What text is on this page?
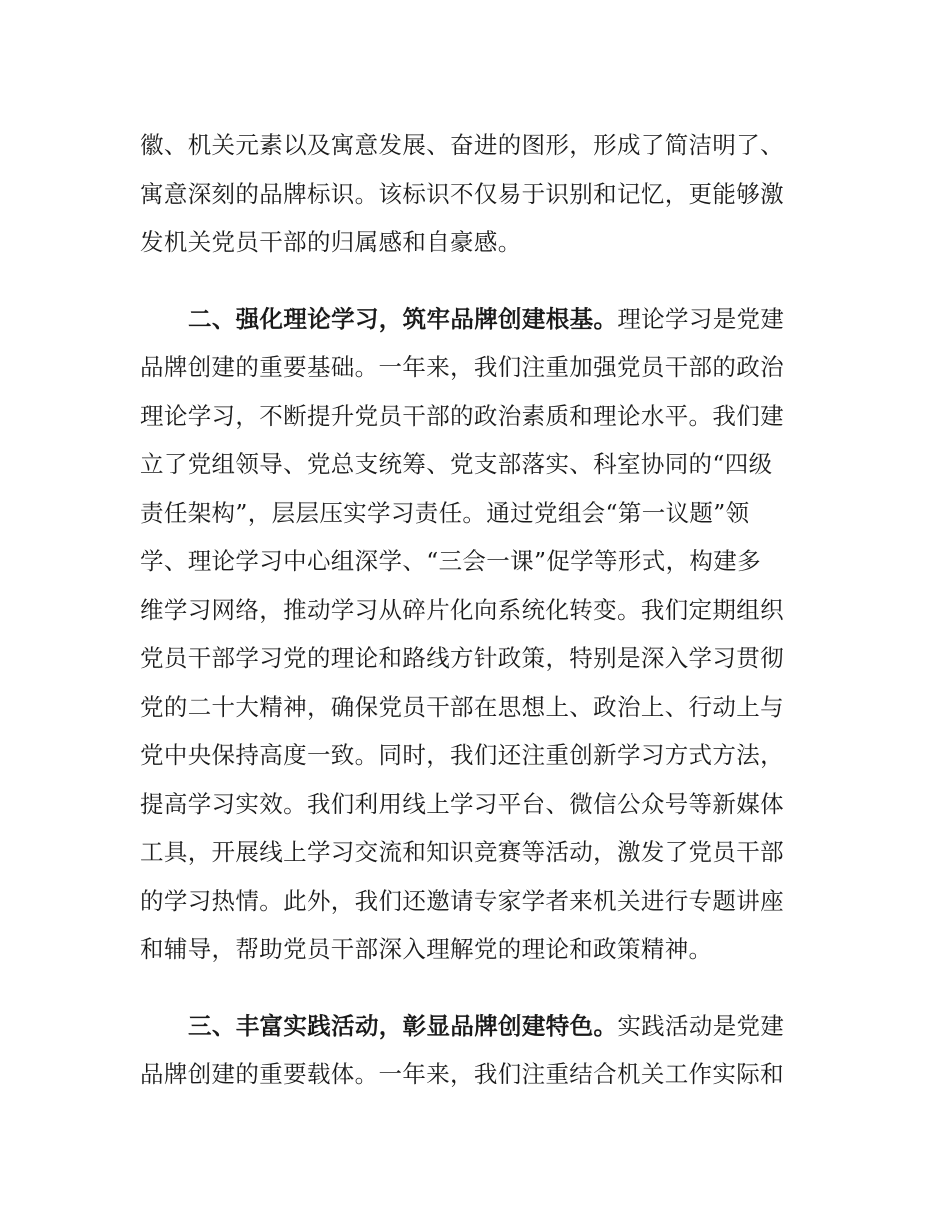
徽、机关元素以及寓意发展、奋进的图形，形成了简洁明了、
寓意深刻的品牌标识。该标识不仅易于识别和记忆，更能够激
发机关党员干部的归属感和自豪感。
二、强化理论学习，筑牢品牌创建根基。理论学习是党建
品牌创建的重要基础。一年来，我们注重加强党员干部的政治
理论学习，不断提升党员干部的政治素质和理论水平。我们建
立了党组领导、党总支统筹、党支部落实、科室协同的“四级
责任架构”，层层压实学习责任。通过党组会“第一议题”领
学、理论学习中心组深学、“三会一课”促学等形式，构建多
维学习网络，推动学习从碎片化向系统化转变。我们定期组织
党员干部学习党的理论和路线方针政策，特别是深入学习贯彻
党的二十大精神，确保党员干部在思想上、政治上、行动上与
党中央保持高度一致。同时，我们还注重创新学习方式方法，
提高学习实效。我们利用线上学习平台、微信公众号等新媒体
工具，开展线上学习交流和知识竞赛等活动，激发了党员干部
的学习热情。此外，我们还邀请专家学者来机关进行专题讲座
和辅导，帮助党员干部深入理解党的理论和政策精神。
三、丰富实践活动，彰显品牌创建特色。实践活动是党建
品牌创建的重要载体。一年来，我们注重结合机关工作实际和
